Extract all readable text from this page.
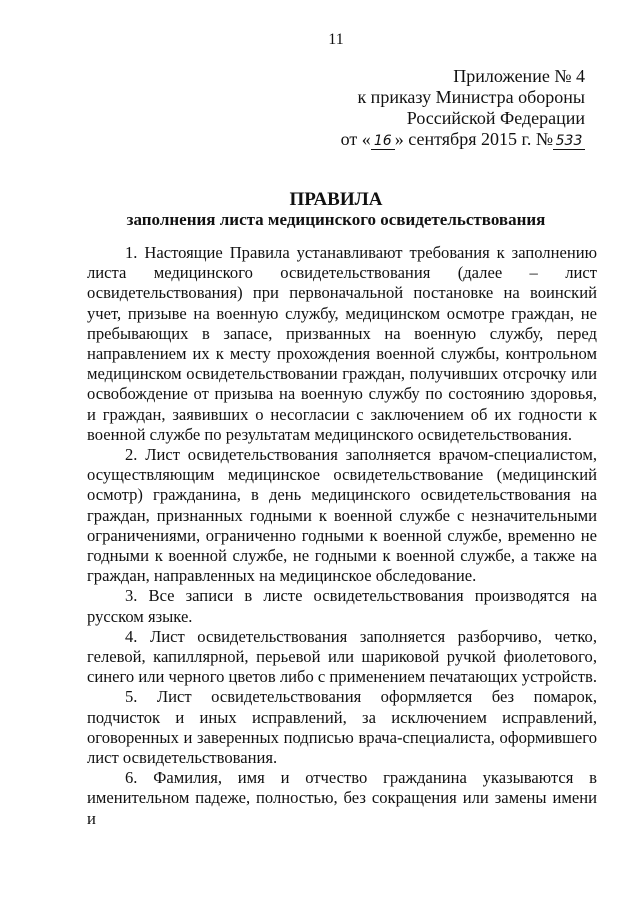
11
Приложение № 4
к приказу Министра обороны
Российской Федерации
от « 16 » сентября 2015 г. № 533
ПРАВИЛА
заполнения листа медицинского освидетельствования

1. Настоящие Правила устанавливают требования к заполнению листа медицинского освидетельствования (далее – лист освидетельствования) при первоначальной постановке на воинский учет, призыве на военную службу, медицинском осмотре граждан, не пребывающих в запасе, призванных на военную службу, перед направлением их к месту прохождения военной службы, контрольном медицинском освидетельствовании граждан, получивших отсрочку или освобождение от призыва на военную службу по состоянию здоровья, и граждан, заявивших о несогласии с заключением об их годности к военной службе по результатам медицинского освидетельствования.

2. Лист освидетельствования заполняется врачом-специалистом, осуществляющим медицинское освидетельствование (медицинский осмотр) гражданина, в день медицинского освидетельствования на граждан, признанных годными к военной службе с незначительными ограничениями, ограниченно годными к военной службе, временно не годными к военной службе, не годными к военной службе, а также на граждан, направленных на медицинское обследование.

3. Все записи в листе освидетельствования производятся на русском языке.

4. Лист освидетельствования заполняется разборчиво, четко, гелевой, капиллярной, перьевой или шариковой ручкой фиолетового, синего или черного цветов либо с применением печатающих устройств.

5. Лист освидетельствования оформляется без помарок, подчисток и иных исправлений, за исключением исправлений, оговоренных и заверенных подписью врача-специалиста, оформившего лист освидетельствования.

6. Фамилия, имя и отчество гражданина указываются в именительном падеже, полностью, без сокращения или замены имени и
